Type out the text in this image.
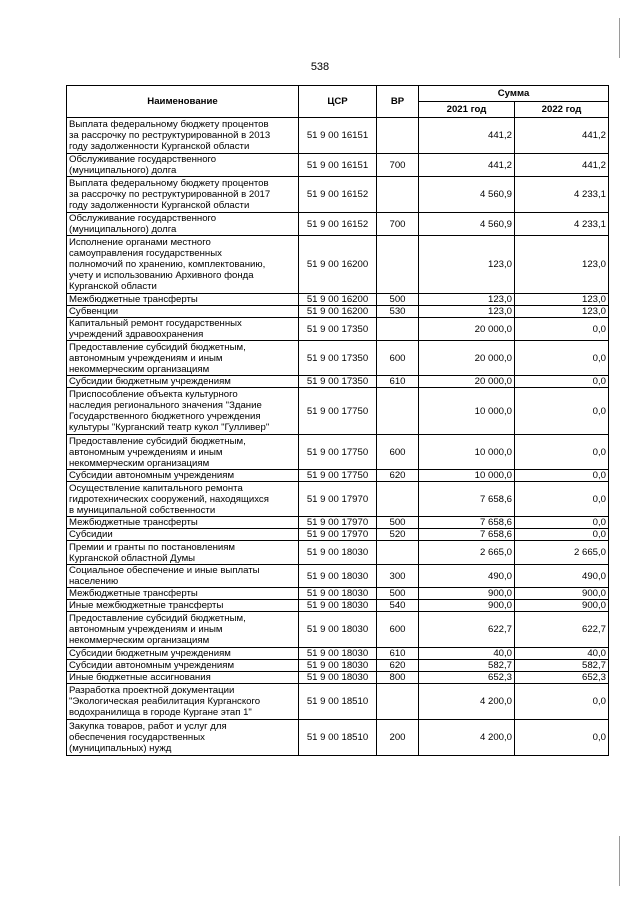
538
Наименование	ЦСР	ВР	Сумма	
			2021 год	2022 год
Выплата федеральному бюджету процентов
за рассрочку по реструктурированной в 2013
году задолженности Курганской области	51 9 00 16151		441,2	441,2
Обслуживание государственного
(муниципального) долга	51 9 00 16151	700	441,2	441,2
Выплата федеральному бюджету процентов
за рассрочку по реструктурированной в 2017
году задолженности Курганской области	51 9 00 16152		4 560,9	4 233,1
Обслуживание государственного
(муниципального) долга	51 9 00 16152	700	4 560,9	4 233,1
Исполнение органами местного
самоуправления государственных
полномочий по хранению, комплектованию,
учету и использованию Архивного фонда
Курганской области	51 9 00 16200		123,0	123,0
Межбюджетные трансферты	51 9 00 16200	500	123,0	123,0
Субвенции	51 9 00 16200	530	123,0	123,0
Капитальный ремонт государственных
учреждений здравоохранения	51 9 00 17350		20 000,0	0,0
Предоставление субсидий бюджетным,
автономным учреждениям и иным
некоммерческим организациям	51 9 00 17350	600	20 000,0	0,0
Субсидии бюджетным учреждениям	51 9 00 17350	610	20 000,0	0,0
Приспособление объекта культурного
наследия регионального значения "Здание
Государственного бюджетного учреждения
культуры "Курганский театр кукол "Гулливер"	51 9 00 17750		10 000,0	0,0
Предоставление субсидий бюджетным,
автономным учреждениям и иным
некоммерческим организациям	51 9 00 17750	600	10 000,0	0,0
Субсидии автономным учреждениям	51 9 00 17750	620	10 000,0	0,0
Осуществление капитального ремонта
гидротехнических сооружений, находящихся
в муниципальной собственности	51 9 00 17970		7 658,6	0,0
Межбюджетные трансферты	51 9 00 17970	500	7 658,6	0,0
Субсидии	51 9 00 17970	520	7 658,6	0,0
Премии и гранты по постановлениям
Курганской областной Думы	51 9 00 18030		2 665,0	2 665,0
Социальное обеспечение и иные выплаты
населению	51 9 00 18030	300	490,0	490,0
Межбюджетные трансферты	51 9 00 18030	500	900,0	900,0
Иные межбюджетные трансферты	51 9 00 18030	540	900,0	900,0
Предоставление субсидий бюджетным,
автономным учреждениям и иным
некоммерческим организациям	51 9 00 18030	600	622,7	622,7
Субсидии бюджетным учреждениям	51 9 00 18030	610	40,0	40,0
Субсидии автономным учреждениям	51 9 00 18030	620	582,7	582,7
Иные бюджетные ассигнования	51 9 00 18030	800	652,3	652,3
Разработка проектной документации
"Экологическая реабилитация Курганского
водохранилища в городе Кургане этап 1"	51 9 00 18510		4 200,0	0,0
Закупка товаров, работ и услуг для
обеспечения государственных
(муниципальных) нужд	51 9 00 18510	200	4 200,0	0,0
